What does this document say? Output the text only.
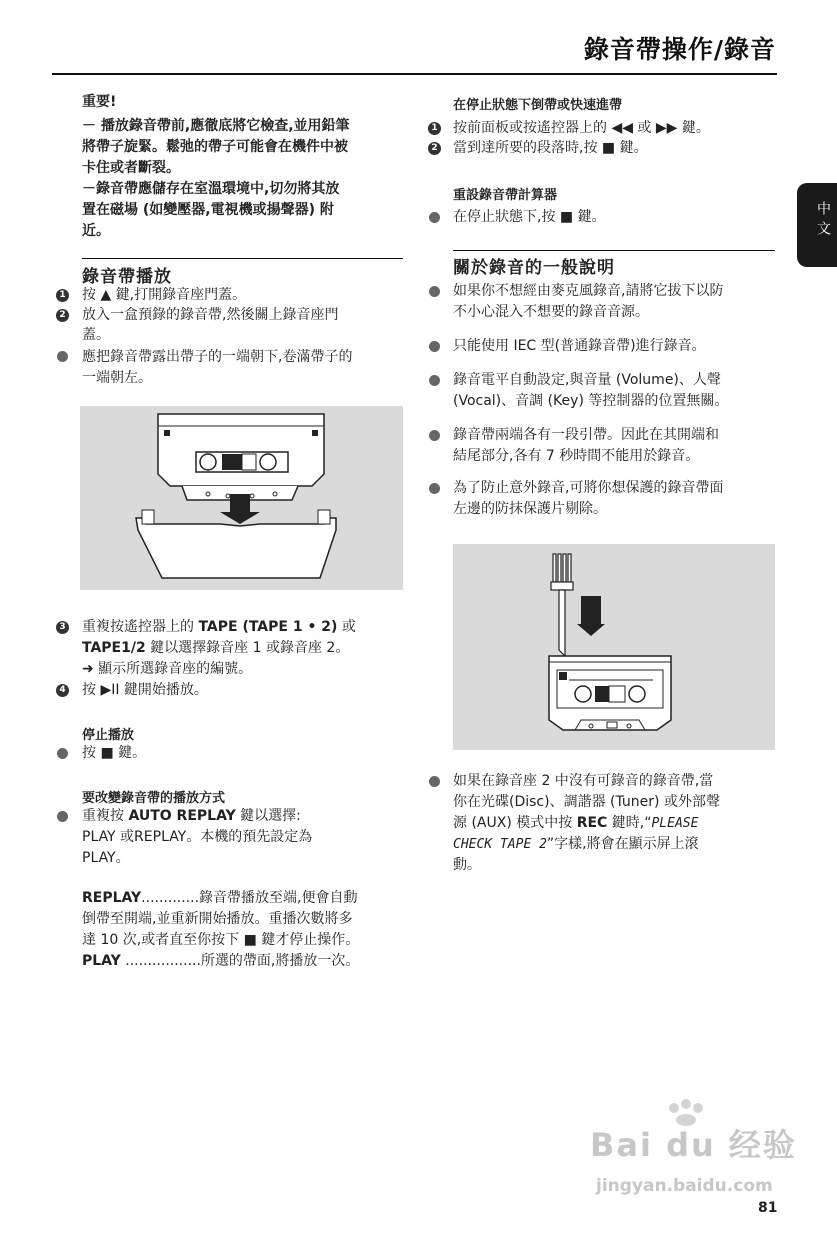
錄音帶操作/錄音
中文
重要!
－ 播放錄音帶前,應徹底將它檢查,並用鉛筆
將帶子旋緊。鬆弛的帶子可能會在機件中被
卡住或者斷裂。
－錄音帶應儲存在室溫環境中,切勿將其放
置在磁場 (如變壓器,電視機或揚聲器) 附
近。
錄音帶播放
1 按 ▲ 鍵,打開錄音座門蓋。
2 放入一盒預錄的錄音帶,然後關上錄音座門
蓋。
應把錄音帶露出帶子的一端朝下,卷滿帶子的
一端朝左。
3 重複按遙控器上的 TAPE (TAPE 1 • 2) 或
TAPE1/2 鍵以選擇錄音座 1 或錄音座 2。
➜ 顯示所選錄音座的編號。
4 按 ▶II 鍵開始播放。
停止播放
按 ■ 鍵。
要改變錄音帶的播放方式
重複按 AUTO REPLAY 鍵以選擇:
PLAY 或REPLAY。本機的預先設定為
PLAY。
REPLAY.............錄音帶播放至端,便會自動
倒帶至開端,並重新開始播放。重播次數將多
達 10 次,或者直至你按下 ■ 鍵才停止操作。
PLAY .................所選的帶面,將播放一次。
在停止狀態下倒帶或快速進帶
1 按前面板或按遙控器上的 ◀◀ 或 ▶▶ 鍵。
2 當到達所要的段落時,按 ■ 鍵。
重設錄音帶計算器
在停止狀態下,按 ■ 鍵。
關於錄音的一般說明
如果你不想經由麥克風錄音,請將它拔下以防
不小心混入不想要的錄音音源。
只能使用 IEC 型(普通錄音帶)進行錄音。
錄音電平自動設定,與音量 (Volume)、人聲
(Vocal)、音調 (Key) 等控制器的位置無關。
錄音帶兩端各有一段引帶。因此在其開端和
結尾部分,各有 7 秒時間不能用於錄音。
為了防止意外錄音,可將你想保護的錄音帶面
左邊的防抹保護片剔除。
如果在錄音座 2 中沒有可錄音的錄音帶,當
你在光碟(Disc)、調諧器 (Tuner) 或外部聲
源 (AUX) 模式中按 REC 鍵時,“PLEASE
CHECK TAPE 2”字樣,將會在顯示屏上滾
動。
Bai du 经验
jingyan.baidu.com
81
